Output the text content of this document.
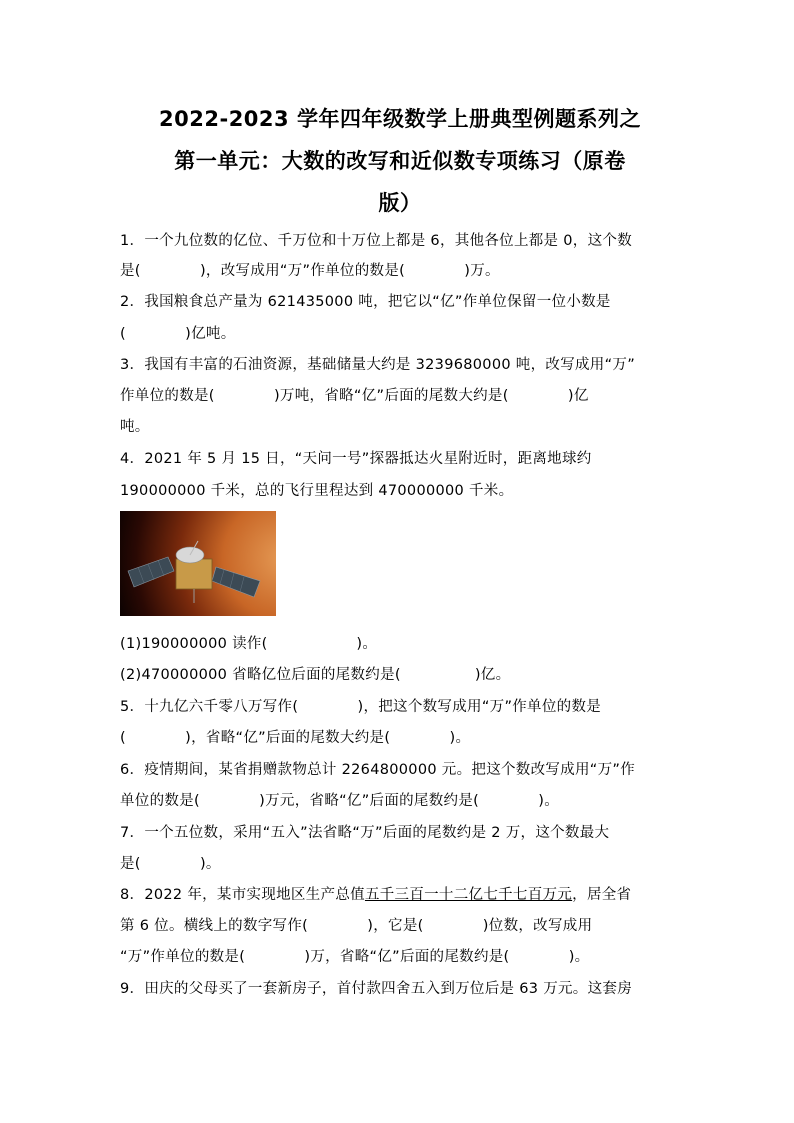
2022-2023 学年四年级数学上册典型例题系列之
第一单元：大数的改写和近似数专项练习（原卷
版）
1．一个九位数的亿位、千万位和十万位上都是 6，其他各位上都是 0，这个数
是(　　　　)，改写成用“万”作单位的数是(　　　　)万。
2．我国粮食总产量为 621435000 吨，把它以“亿”作单位保留一位小数是
(　　　　)亿吨。
3．我国有丰富的石油资源，基础储量大约是 3239680000 吨，改写成用“万”
作单位的数是(　　　　)万吨，省略“亿”后面的尾数大约是(　　　　)亿
吨。
4．2021 年 5 月 15 日，“天问一号”探器抵达火星附近时，距离地球约
190000000 千米，总的飞行里程达到 470000000 千米。
(1)190000000 读作(　　　　　　)。
(2)470000000 省略亿位后面的尾数约是(　　　　　)亿。
5．十九亿六千零八万写作(　　　　)，把这个数写成用“万”作单位的数是
(　　　　)，省略“亿”后面的尾数大约是(　　　　)。
6．疫情期间，某省捐赠款物总计 2264800000 元。把这个数改写成用“万”作
单位的数是(　　　　)万元，省略“亿”后面的尾数约是(　　　　)。
7．一个五位数，采用“五入”法省略“万”后面的尾数约是 2 万，这个数最大
是(　　　　)。
8．2022 年，某市实现地区生产总值五千三百一十二亿七千七百万元，居全省
第 6 位。横线上的数字写作(　　　　)，它是(　　　　)位数，改写成用
“万”作单位的数是(　　　　)万，省略“亿”后面的尾数约是(　　　　)。
9．田庆的父母买了一套新房子，首付款四舍五入到万位后是 63 万元。这套房
